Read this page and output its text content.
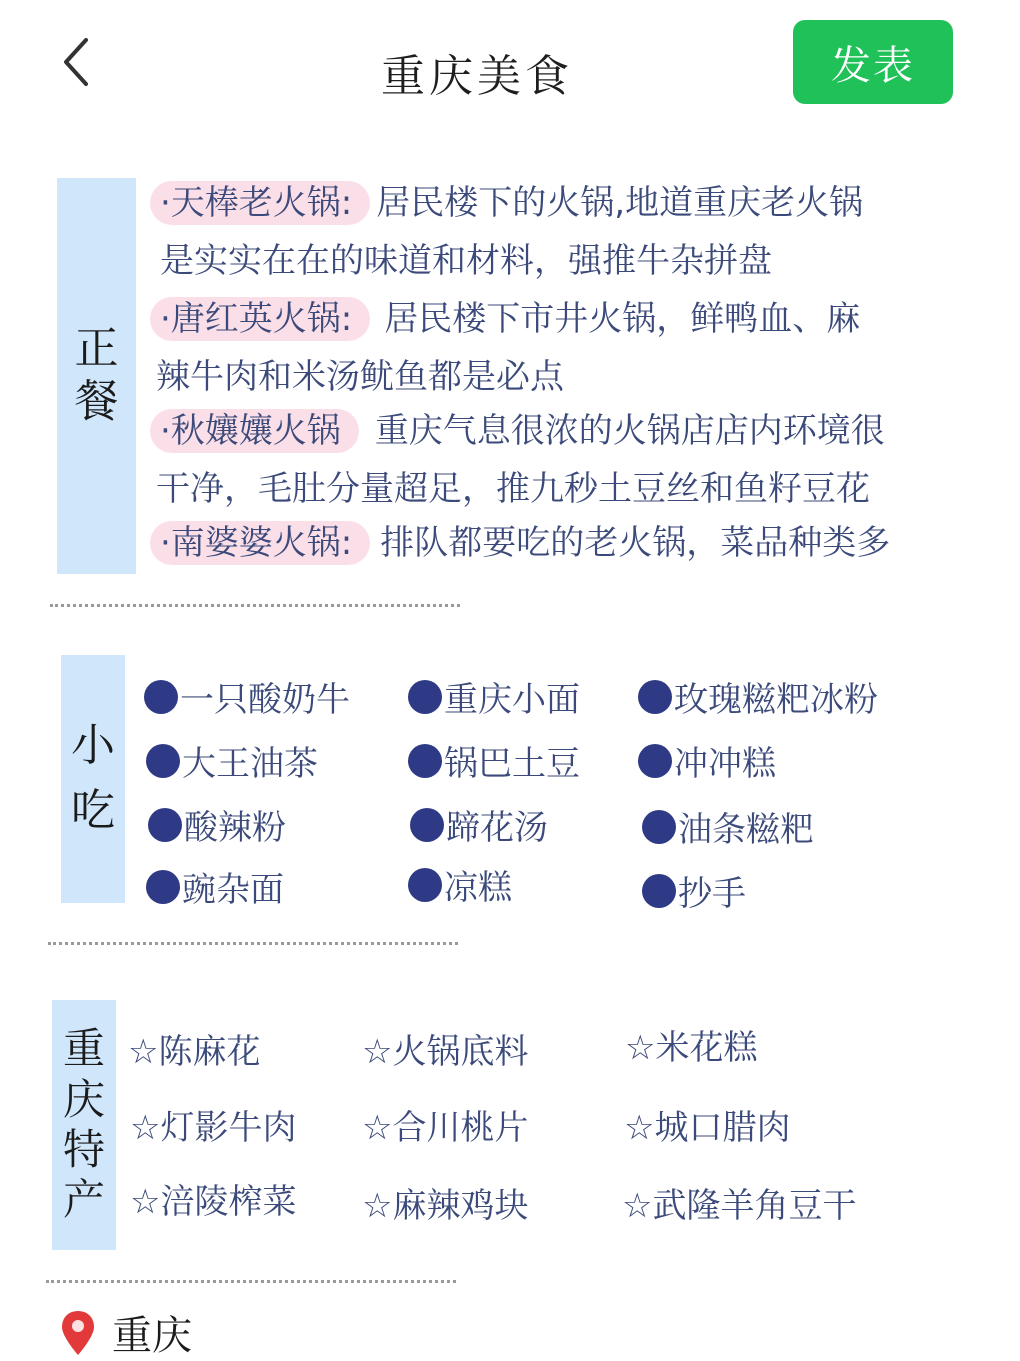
重庆美食	发表
正
餐
·天棒老火锅: 居民楼下的火锅,地道重庆老火锅
是实实在在的味道和材料，强推牛杂拼盘
·唐红英火锅: 居民楼下市井火锅，鲜鸭血、麻
辣牛肉和米汤鱿鱼都是必点
·秋孃孃火锅 重庆气息很浓的火锅店店内环境很
干净，毛肚分量超足，推九秒土豆丝和鱼籽豆花
·南婆婆火锅: 排队都要吃的老火锅，菜品种类多
小
吃
一只酸奶牛	重庆小面	玫瑰糍粑冰粉
大王油茶	锅巴土豆	冲冲糕
酸辣粉	蹄花汤	油条糍粑
豌杂面	凉糕	抄手
重
庆
特
产
☆陈麻花	☆火锅底料	☆米花糕
☆灯影牛肉 ☆合川桃片	☆城口腊肉
☆涪陵榨菜 ☆麻辣鸡块	☆武隆羊角豆干
重庆
